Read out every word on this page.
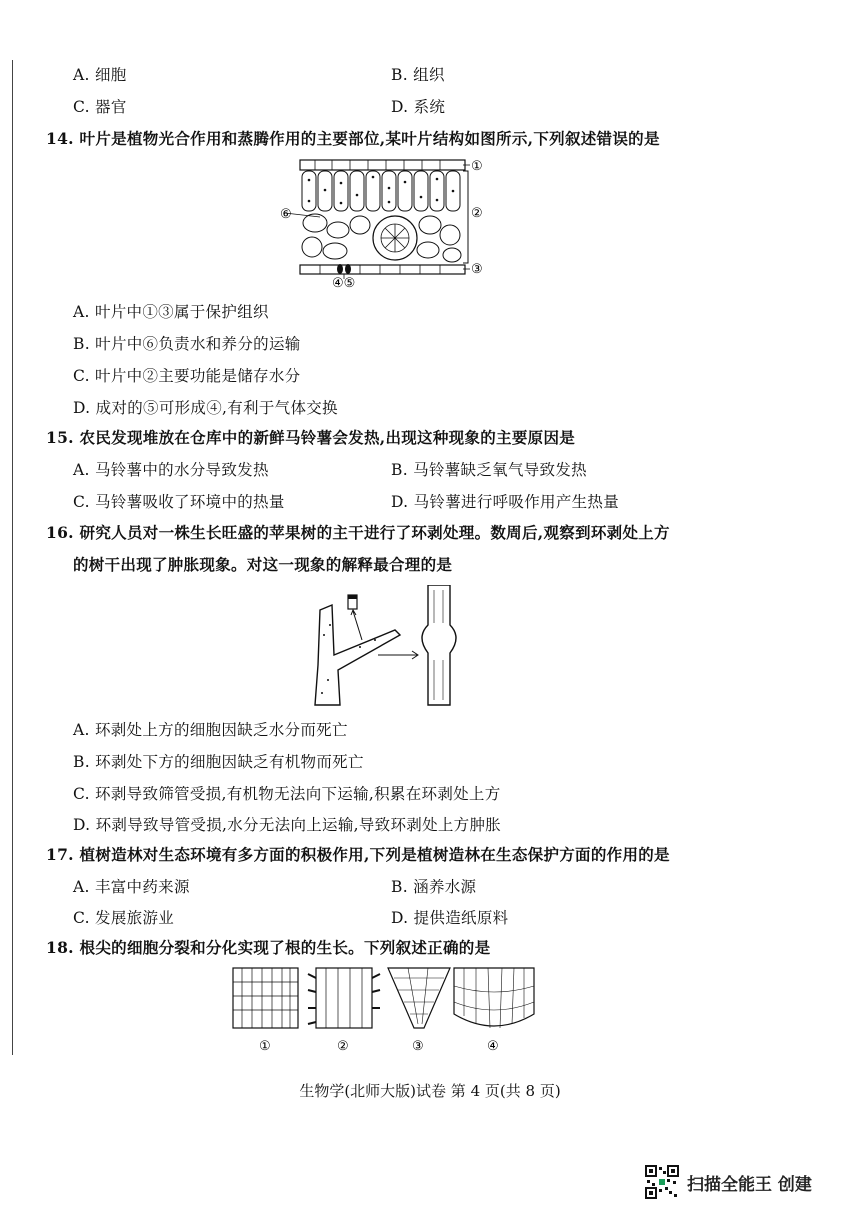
A. 细胞	B. 组织
C. 器官	D. 系统
14. 叶片是植物光合作用和蒸腾作用的主要部位,某叶片结构如图所示,下列叙述错误的是
①
②
③
⑥
④⑤
A. 叶片中①③属于保护组织
B. 叶片中⑥负责水和养分的运输
C. 叶片中②主要功能是储存水分
D. 成对的⑤可形成④,有利于气体交换
15. 农民发现堆放在仓库中的新鲜马铃薯会发热,出现这种现象的主要原因是
A. 马铃薯中的水分导致发热	B. 马铃薯缺乏氧气导致发热
C. 马铃薯吸收了环境中的热量	D. 马铃薯进行呼吸作用产生热量
16. 研究人员对一株生长旺盛的苹果树的主干进行了环剥处理。数周后,观察到环剥处上方
的树干出现了肿胀现象。对这一现象的解释最合理的是
A. 环剥处上方的细胞因缺乏水分而死亡
B. 环剥处下方的细胞因缺乏有机物而死亡
C. 环剥导致筛管受损,有机物无法向下运输,积累在环剥处上方
D. 环剥导致导管受损,水分无法向上运输,导致环剥处上方肿胀
17. 植树造林对生态环境有多方面的积极作用,下列是植树造林在生态保护方面的作用的是
A. 丰富中药来源	B. 涵养水源
C. 发展旅游业	D. 提供造纸原料
18. 根尖的细胞分裂和分化实现了根的生长。下列叙述正确的是
①	②	③	④
生物学(北师大版)试卷 第 4 页(共 8 页)
扫描全能王 创建
